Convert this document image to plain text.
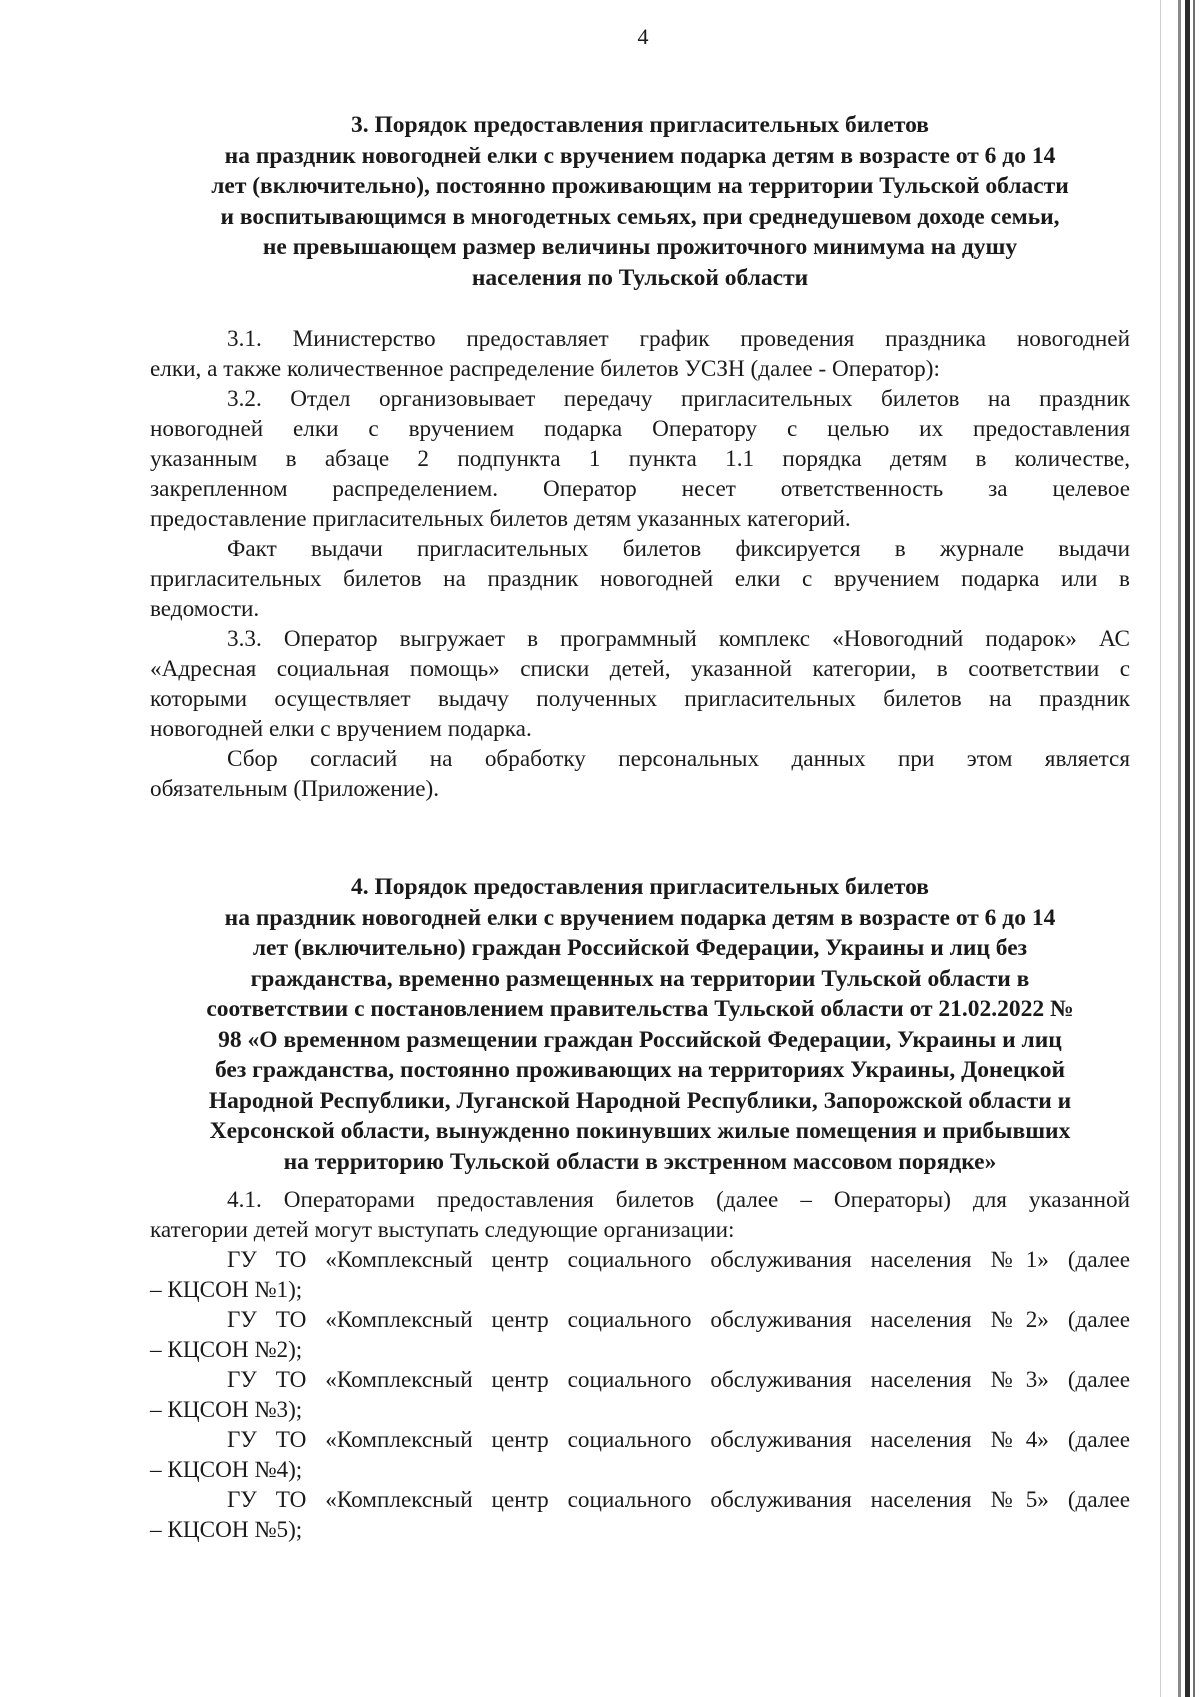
4
3. Порядок предоставления пригласительных билетов
на праздник новогодней елки с вручением подарка детям в возрасте от 6 до 14
лет (включительно), постоянно проживающим на территории Тульской области
и воспитывающимся в многодетных семьях, при среднедушевом доходе семьи,
не превышающем размер величины прожиточного минимума на душу
населения по Тульской области
3.1. Министерство предоставляет график проведения праздника новогодней
елки, а также количественное распределение билетов УСЗН (далее - Оператор):
3.2. Отдел организовывает передачу пригласительных билетов на праздник
новогодней елки с вручением подарка Оператору с целью их предоставления
указанным в абзаце 2 подпункта 1 пункта 1.1 порядка детям в количестве,
закрепленном распределением. Оператор несет ответственность за целевое
предоставление пригласительных билетов детям указанных категорий.
Факт выдачи пригласительных билетов фиксируется в журнале выдачи
пригласительных билетов на праздник новогодней елки с вручением подарка или в
ведомости.
3.3. Оператор выгружает в программный комплекс «Новогодний подарок» АС
«Адресная социальная помощь» списки детей, указанной категории, в соответствии с
которыми осуществляет выдачу полученных пригласительных билетов на праздник
новогодней елки с вручением подарка.
Сбор согласий на обработку персональных данных при этом является
обязательным (Приложение).
4. Порядок предоставления пригласительных билетов
на праздник новогодней елки с вручением подарка детям в возрасте от 6 до 14
лет (включительно) граждан Российской Федерации, Украины и лиц без
гражданства, временно размещенных на территории Тульской области в
соответствии с постановлением правительства Тульской области от 21.02.2022 №
98 «О временном размещении граждан Российской Федерации, Украины и лиц
без гражданства, постоянно проживающих на территориях Украины, Донецкой
Народной Республики, Луганской Народной Республики, Запорожской области и
Херсонской области, вынужденно покинувших жилые помещения и прибывших
на территорию Тульской области в экстренном массовом порядке»
4.1. Операторами предоставления билетов (далее – Операторы) для указанной
категории детей могут выступать следующие организации:
ГУ ТО «Комплексный центр социального обслуживания населения №1» (далее
– КЦСОН №1);
ГУ ТО «Комплексный центр социального обслуживания населения №2» (далее
– КЦСОН №2);
ГУ ТО «Комплексный центр социального обслуживания населения №3» (далее
– КЦСОН №3);
ГУ ТО «Комплексный центр социального обслуживания населения №4» (далее
– КЦСОН №4);
ГУ ТО «Комплексный центр социального обслуживания населения №5» (далее
– КЦСОН №5);
